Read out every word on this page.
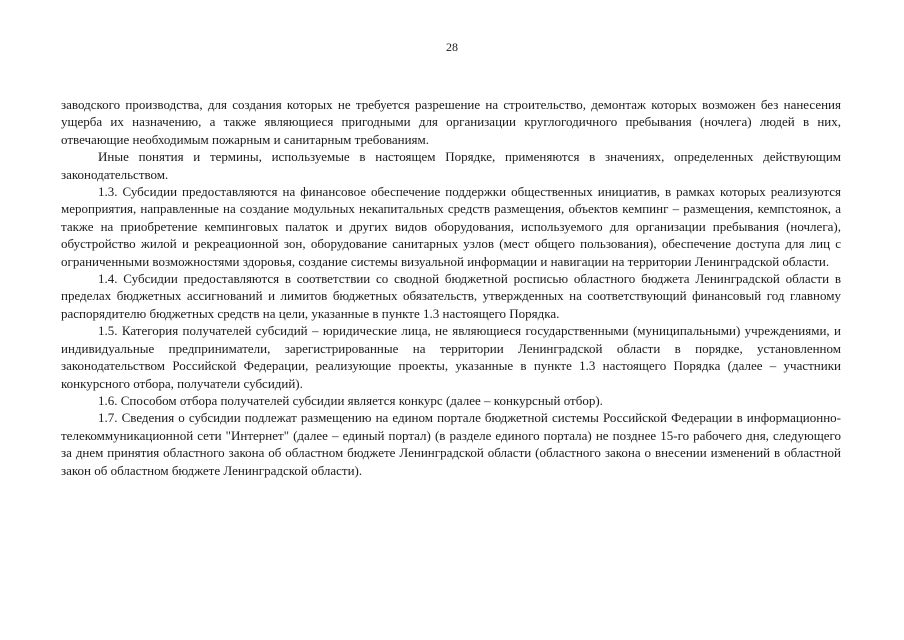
28

заводского производства, для создания которых не требуется разрешение на строительство, демонтаж которых возможен без нанесения ущерба их назначению, а также являющиеся пригодными для организации круглогодичного пребывания (ночлега) людей в них, отвечающие необходимым пожарным и санитарным требованиям.

Иные понятия и термины, используемые в настоящем Порядке, применяются в значениях, определенных действующим законодательством.

1.3. Субсидии предоставляются на финансовое обеспечение поддержки общественных инициатив, в рамках которых реализуются мероприятия, направленные на создание модульных некапитальных средств размещения, объектов кемпинг – размещения, кемпстоянок, а также на приобретение кемпинговых палаток и других видов оборудования, используемого для организации пребывания (ночлега), обустройство жилой и рекреационной зон, оборудование санитарных узлов (мест общего пользования), обеспечение доступа для лиц с ограниченными возможностями здоровья, создание системы визуальной информации и навигации на территории Ленинградской области.

1.4. Субсидии предоставляются в соответствии со сводной бюджетной росписью областного бюджета Ленинградской области в пределах бюджетных ассигнований и лимитов бюджетных обязательств, утвержденных на соответствующий финансовый год главному распорядителю бюджетных средств на цели, указанные в пункте 1.3 настоящего Порядка.

1.5. Категория получателей субсидий – юридические лица, не являющиеся государственными (муниципальными) учреждениями, и индивидуальные предприниматели, зарегистрированные на территории Ленинградской области в порядке, установленном законодательством Российской Федерации, реализующие проекты, указанные в пункте 1.3 настоящего Порядка (далее – участники конкурсного отбора, получатели субсидий).

1.6. Способом отбора получателей субсидии является конкурс (далее – конкурсный отбор).

1.7. Сведения о субсидии подлежат размещению на едином портале бюджетной системы Российской Федерации в информационно-телекоммуникационной сети "Интернет" (далее – единый портал) (в разделе единого портала) не позднее 15-го рабочего дня, следующего за днем принятия областного закона об областном бюджете Ленинградской области (областного закона о внесении изменений в областной закон об областном бюджете Ленинградской области).
